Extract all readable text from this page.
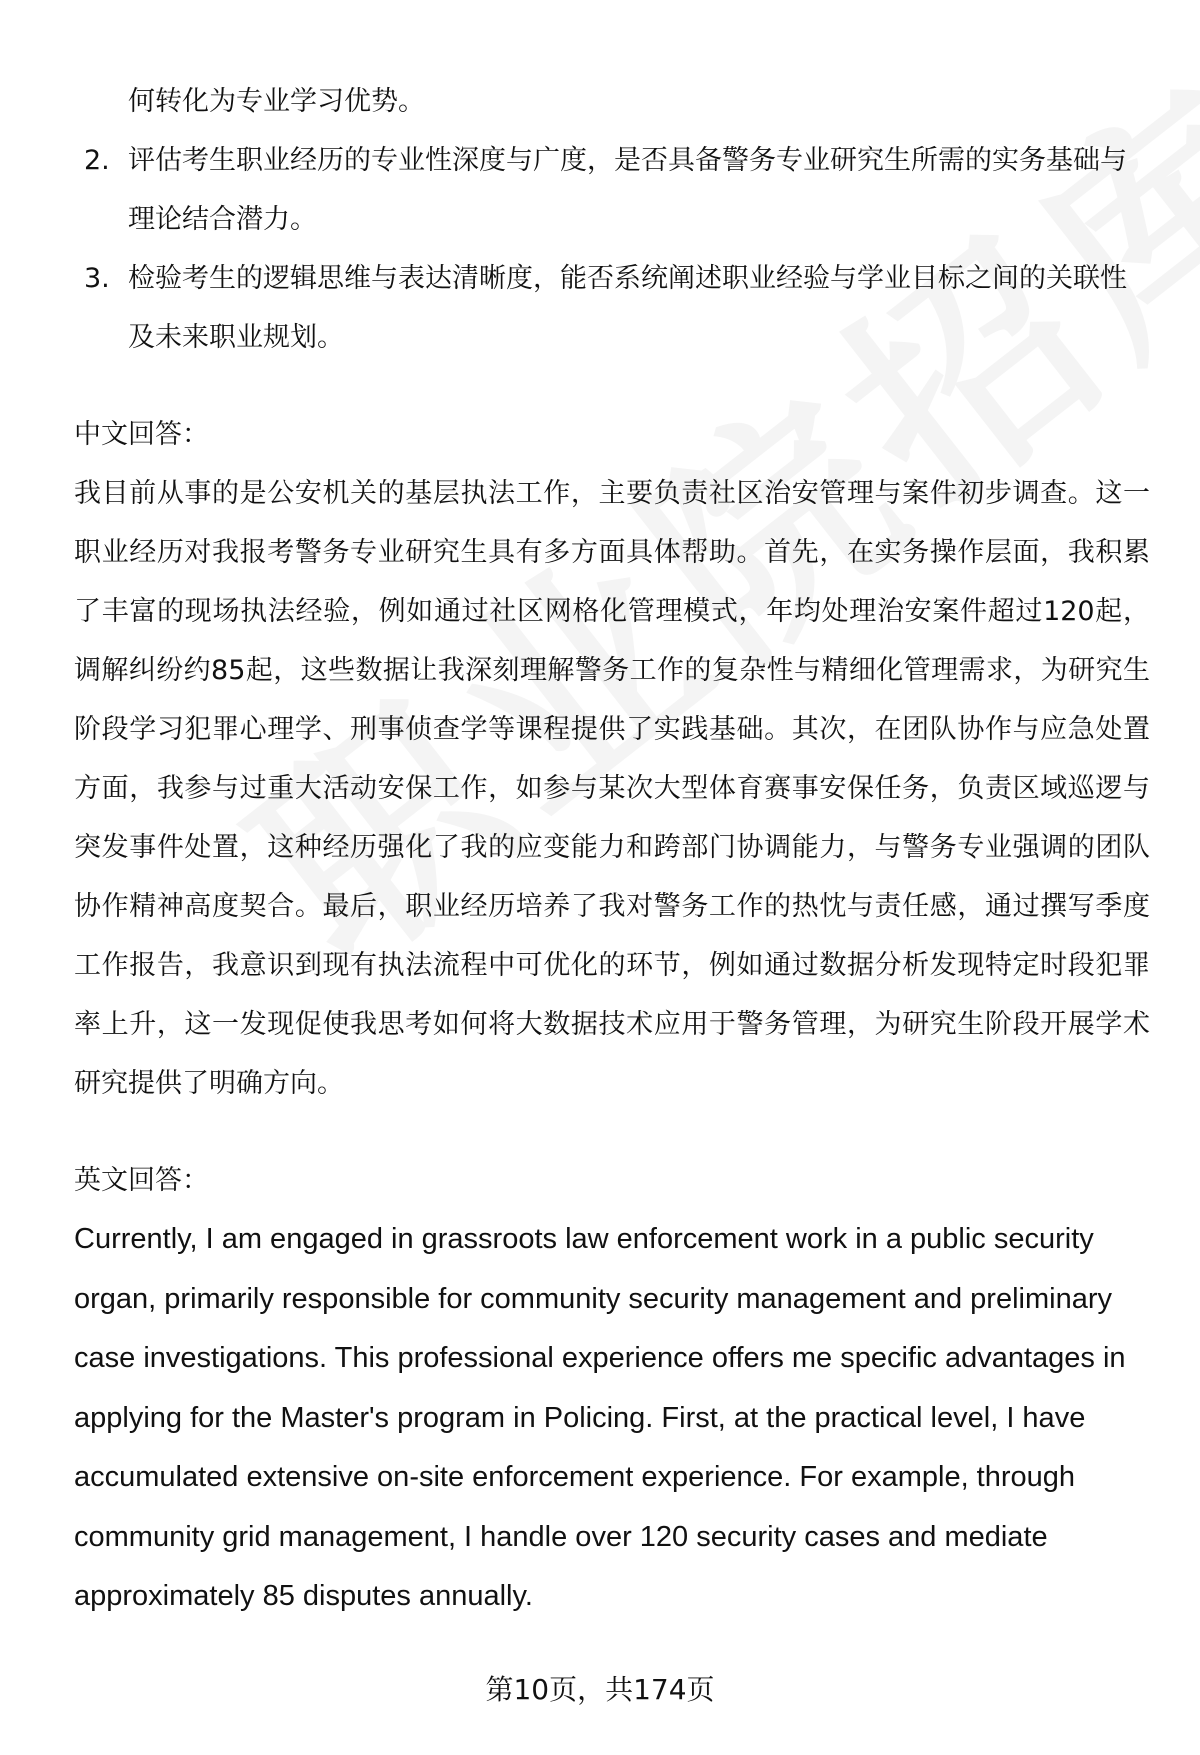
何转化为专业学习优势。
2. 评估考生职业经历的专业性深度与广度，是否具备警务专业研究生所需的实务基础与理论结合潜力。
3. 检验考生的逻辑思维与表达清晰度，能否系统阐述职业经验与学业目标之间的关联性及未来职业规划。
中文回答：

我目前从事的是公安机关的基层执法工作，主要负责社区治安管理与案件初步调查。这一职业经历对我报考警务专业研究生具有多方面具体帮助。首先，在实务操作层面，我积累了丰富的现场执法经验，例如通过社区网格化管理模式，年均处理治安案件超过120起，调解纠纷约85起，这些数据让我深刻理解警务工作的复杂性与精细化管理需求，为研究生阶段学习犯罪心理学、刑事侦查学等课程提供了实践基础。其次，在团队协作与应急处置方面，我参与过重大活动安保工作，如参与某次大型体育赛事安保任务，负责区域巡逻与突发事件处置，这种经历强化了我的应变能力和跨部门协调能力，与警务专业强调的团队协作精神高度契合。最后，职业经历培养了我对警务工作的热忱与责任感，通过撰写季度工作报告，我意识到现有执法流程中可优化的环节，例如通过数据分析发现特定时段犯罪率上升，这一发现促使我思考如何将大数据技术应用于警务管理，为研究生阶段开展学术研究提供了明确方向。

英文回答：

Currently, I am engaged in grassroots law enforcement work in a public security organ, primarily responsible for community security management and preliminary case investigations. This professional experience offers me specific advantages in applying for the Master's program in Policing. First, at the practical level, I have accumulated extensive on-site enforcement experience. For example, through community grid management, I handle over 120 security cases and mediate approximately 85 disputes annually.

第10页，共174页
